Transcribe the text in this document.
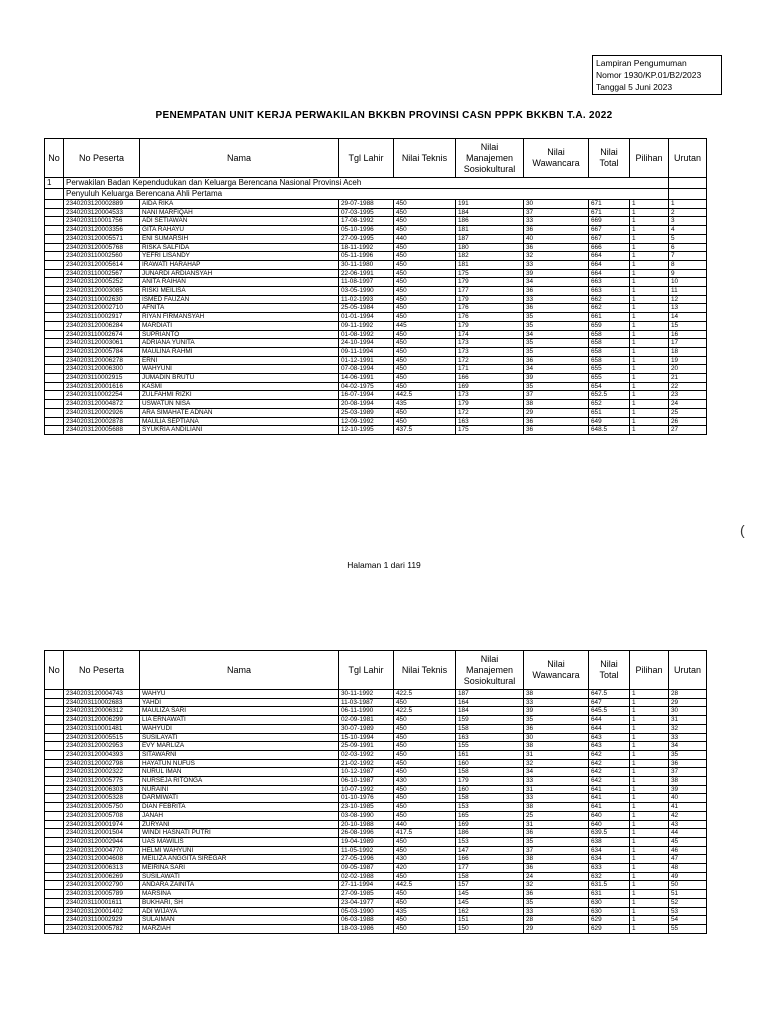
Lampiran Pengumuman
Nomor 1930/KP.01/B2/2023
Tanggal 5 Juni 2023
PENEMPATAN UNIT KERJA PERWAKILAN BKKBN PROVINSI CASN PPPK BKKBN T.A. 2022
No	No Peserta	Nama	Tgl Lahir	Nilai Teknis	Nilai Manajemen Sosiokultural	Nilai Wawancara	Nilai Total	Pilihan	Urutan
1	Perwakilan Badan Kependudukan dan Keluarga Berencana Nasional Provinsi Aceh								
	Penyuluh Keluarga Berencana Ahli Pertama								
	2340203120002889	AIDA RIKA	29-07-1988	450	191	30	671	1	1
	2340203120004533	NANI MARFIQAH	07-03-1995	450	184	37	671	1	2
	2340203110001756	ADI SETIAWAN	17-08-1992	450	186	33	669	1	3
	2340203120003356	GITA RAHAYU	05-10-1996	450	181	36	667	1	4
	2340203120005571	ENI SUMARSIH	27-09-1995	440	187	40	667	1	5
	2340203120005768	RISKA SALFIDA	18-11-1992	450	180	36	666	1	6
	2340203110002560	YEFRI LISANDY	05-11-1996	450	182	32	664	1	7
	2340203120005614	IRAWATI HARAHAP	30-11-1980	450	181	33	664	1	8
	2340203110002567	JUNARDI ARDIANSYAH	22-06-1991	450	175	39	664	1	9
	2340203120005252	ANITA RAIHAN	11-08-1997	450	179	34	663	1	10
	2340203120003085	RISKI MEILISA	03-05-1990	450	177	36	663	1	11
	2340203110002630	ISMED FAUZAN	11-02-1993	450	179	33	662	1	12
	2340203120002710	AFNITA	25-05-1984	450	176	36	662	1	13
	2340203110002917	RIYAN FIRMANSYAH	01-01-1994	450	176	35	661	1	14
	2340203120006284	MARDIATI	09-11-1992	445	179	35	659	1	15
	2340203110002674	SUPRIANTO	01-08-1992	450	174	34	658	1	16
	2340203120003061	ADRIANA YUNITA	24-10-1994	450	173	35	658	1	17
	2340203120005784	MAULINA RAHMI	09-11-1994	450	173	35	658	1	18
	2340203120006278	ERNI	01-12-1991	450	172	36	658	1	19
	2340203120006300	WAHYUNI	07-08-1994	450	171	34	655	1	20
	2340203110002915	JUMADIN BRUTU	14-06-1991	450	166	39	655	1	21
	2340203120001616	KASMI	04-02-1975	450	169	35	654	1	22
	2340203110002254	ZULFAHMI RIZKI	16-07-1994	442.5	173	37	652.5	1	23
	2340203120004872	USWATUN NISA	20-08-1994	435	179	38	652	1	24
	2340203120002926	ARA SIMAHATE ADNAN	25-03-1989	450	172	29	651	1	25
	2340203120002878	MAULIA SEPTIANA	12-09-1992	450	163	36	649	1	26
	2340203120005688	SYUKRIA ANDILIANI	12-10-1995	437.5	175	36	648.5	1	27
(
Halaman 1 dari 119
No	No Peserta	Nama	Tgl Lahir	Nilai Teknis	Nilai Manajemen Sosiokultural	Nilai Wawancara	Nilai Total	Pilihan	Urutan
	2340203120004743	WAHYU	30-11-1992	422.5	187	38	647.5	1	28
	2340203110002683	YAHDI	11-03-1987	450	164	33	647	1	29
	2340203120006312	MAULIZA SARI	06-11-1990	422.5	184	39	645.5	1	30
	2340203120006299	LIA ERNAWATI	02-09-1981	450	159	35	644	1	31
	2340203110001481	WAHYUDI	30-07-1989	450	158	36	644	1	32
	2340203120005515	SUSILAYATI	15-10-1994	450	163	30	643	1	33
	2340203120002953	EVY MARLIZA	25-09-1991	450	155	38	643	1	34
	2340203120004393	SITAWARNI	02-03-1992	450	161	31	642	1	35
	2340203120002798	HAYATUN NUFUS	21-02-1992	450	160	32	642	1	36
	2340203120002322	NURUL IMAN	10-12-1987	450	158	34	642	1	37
	2340203120005775	NURSEJA RITONGA	06-10-1987	430	179	33	642	1	38
	2340203120006303	NURAINI	10-07-1992	450	160	31	641	1	39
	2340203120005328	DARMIWATI	01-10-1976	450	158	33	641	1	40
	2340203120005750	DIAN FEBRITA	23-10-1985	450	153	38	641	1	41
	2340203120005708	JANAH	03-08-1990	450	165	25	640	1	42
	2340203120001974	ZURYANI	20-10-1988	440	169	31	640	1	43
	2340203120001504	WINDI HASNATI PUTRI	26-08-1996	417.5	186	36	639.5	1	44
	2340203120002944	UAS MAWILIS	19-04-1989	450	153	35	638	1	45
	2340203120004770	HELMI WAHYUNI	11-05-1992	450	147	37	634	1	46
	2340203120004608	MEILIZA ANGGITA SIREGAR	27-05-1996	430	166	38	634	1	47
	2340203120006313	MEIRINA SARI	09-05-1987	420	177	36	633	1	48
	2340203120006269	SUSILAWATI	02-02-1988	450	158	24	632	1	49
	2340203120002790	ANDARA ZAINITA	27-11-1994	442.5	157	32	631.5	1	50
	2340203120005789	MARSINA	27-09-1985	450	145	36	631	1	51
	2340203110001611	BUKHARI, SH	23-04-1977	450	145	35	630	1	52
	2340203120001402	ADI WIJAYA	05-03-1990	435	162	33	630	1	53
	2340203110002929	SULAIMAN	06-03-1988	450	151	28	629	1	54
	2340203120005782	MARZIAH	18-03-1986	450	150	29	629	1	55
